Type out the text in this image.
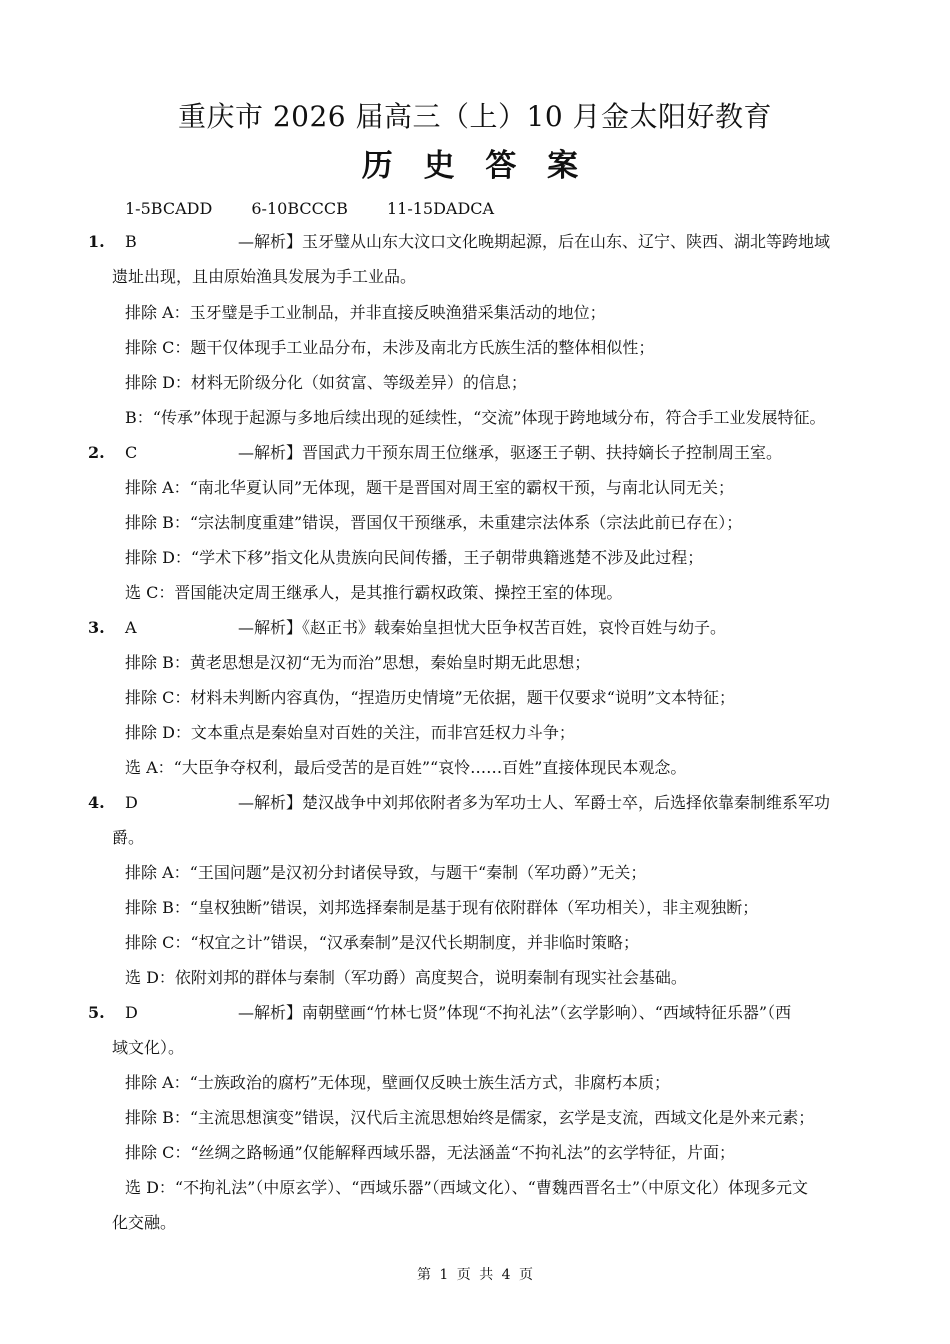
重庆市 2026 届高三（上）10 月金太阳好教育
历 史 答 案
1-5BCADD 6-10BCCCB 11-15DADCA
1. B	—解析】玉牙璧从山东大汶口文化晚期起源，后在山东、辽宁、陕西、湖北等跨地域
遗址出现，且由原始渔具发展为手工业品。
排除 A：玉牙璧是手工业制品，并非直接反映渔猎采集活动的地位；
排除 C：题干仅体现手工业品分布，未涉及南北方氏族生活的整体相似性；
排除 D：材料无阶级分化（如贫富、等级差异）的信息；
B：“传承”体现于起源与多地后续出现的延续性，“交流”体现于跨地域分布，符合手工业发展特征。
2. C	—解析】晋国武力干预东周王位继承，驱逐王子朝、扶持嫡长子控制周王室。
排除 A：“南北华夏认同”无体现，题干是晋国对周王室的霸权干预，与南北认同无关；
排除 B：“宗法制度重建”错误，晋国仅干预继承，未重建宗法体系（宗法此前已存在）；
排除 D：“学术下移”指文化从贵族向民间传播，王子朝带典籍逃楚不涉及此过程；
选 C：晋国能决定周王继承人，是其推行霸权政策、操控王室的体现。
3. A	—解析】《赵正书》载秦始皇担忧大臣争权苦百姓，哀怜百姓与幼子。
排除 B：黄老思想是汉初“无为而治”思想，秦始皇时期无此思想；
排除 C：材料未判断内容真伪，“捏造历史情境”无依据，题干仅要求“说明”文本特征；
排除 D：文本重点是秦始皇对百姓的关注，而非宫廷权力斗争；
选 A：“大臣争夺权利，最后受苦的是百姓”“哀怜……百姓”直接体现民本观念。
4. D	—解析】楚汉战争中刘邦依附者多为军功士人、军爵士卒，后选择依靠秦制维系军功
爵。
排除 A：“王国问题”是汉初分封诸侯导致，与题干“秦制（军功爵）”无关；
排除 B：“皇权独断”错误，刘邦选择秦制是基于现有依附群体（军功相关），非主观独断；
排除 C：“权宜之计”错误，“汉承秦制”是汉代长期制度，并非临时策略；
选 D：依附刘邦的群体与秦制（军功爵）高度契合，说明秦制有现实社会基础。
5. D	—解析】南朝壁画“竹林七贤”体现“不拘礼法”（玄学影响）、“西域特征乐器”（西
域文化）。
排除 A：“士族政治的腐朽”无体现，壁画仅反映士族生活方式，非腐朽本质；
排除 B：“主流思想演变”错误，汉代后主流思想始终是儒家，玄学是支流，西域文化是外来元素；
排除 C：“丝绸之路畅通”仅能解释西域乐器，无法涵盖“不拘礼法”的玄学特征，片面；
选 D：“不拘礼法”（中原玄学）、“西域乐器”（西域文化）、“曹魏西晋名士”（中原文化）体现多元文
化交融。
第 1 页 共 4 页
